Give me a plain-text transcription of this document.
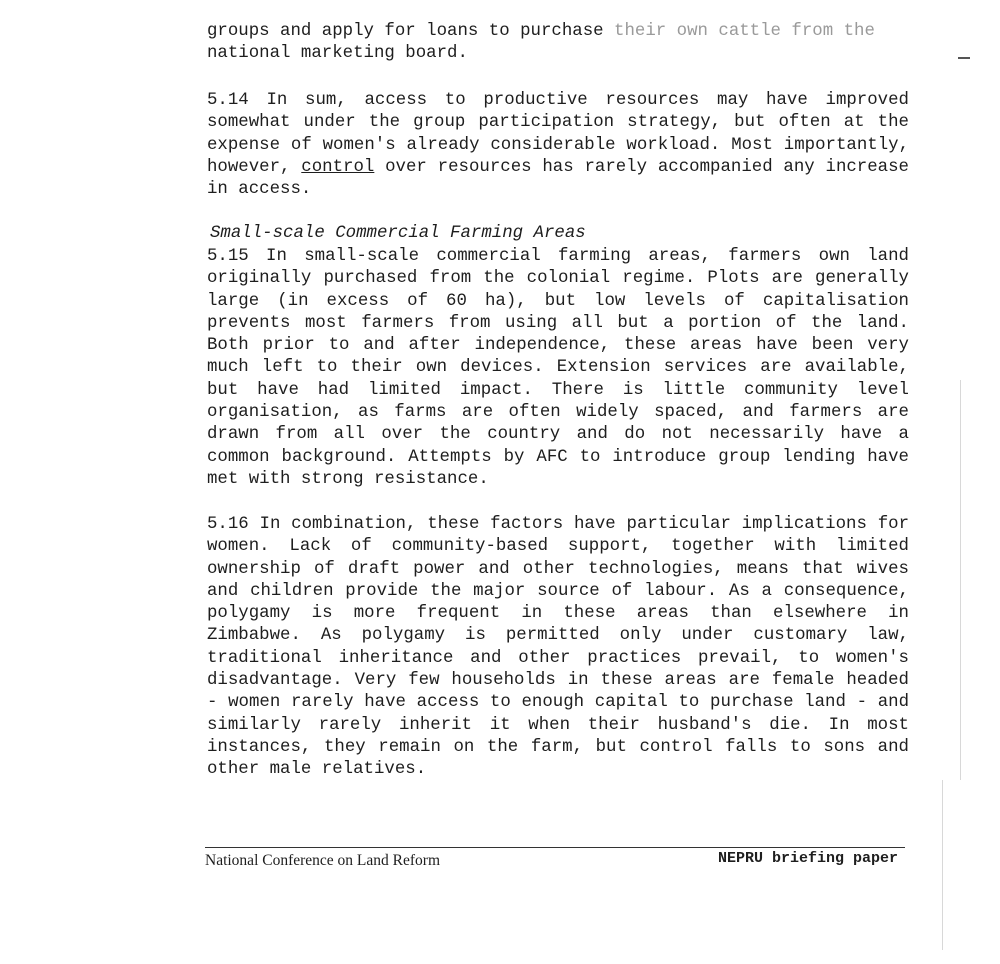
groups and apply for loans to purchase their own cattle from the
national marketing board.

5.14 In sum, access to productive resources may have improved somewhat under the group participation strategy, but often at the expense of women's already considerable workload. Most importantly, however, control over resources has rarely accompanied any increase in access.

Small-scale Commercial Farming Areas

5.15 In small-scale commercial farming areas, farmers own land originally purchased from the colonial regime. Plots are generally large (in excess of 60 ha), but low levels of capitalisation prevents most farmers from using all but a portion of the land. Both prior to and after independence, these areas have been very much left to their own devices. Extension services are available, but have had limited impact. There is little community level organisation, as farms are often widely spaced, and farmers are drawn from all over the country and do not necessarily have a common background. Attempts by AFC to introduce group lending have met with strong resistance.

5.16 In combination, these factors have particular implications for women. Lack of community-based support, together with limited ownership of draft power and other technologies, means that wives and children provide the major source of labour. As a consequence, polygamy is more frequent in these areas than elsewhere in Zimbabwe. As polygamy is permitted only under customary law, traditional inheritance and other practices prevail, to women's disadvantage. Very few households in these areas are female headed - women rarely have access to enough capital to purchase land - and similarly rarely inherit it when their husband's die. In most instances, they remain on the farm, but control falls to sons and other male relatives.

National Conference on Land Reform	NEPRU briefing paper
